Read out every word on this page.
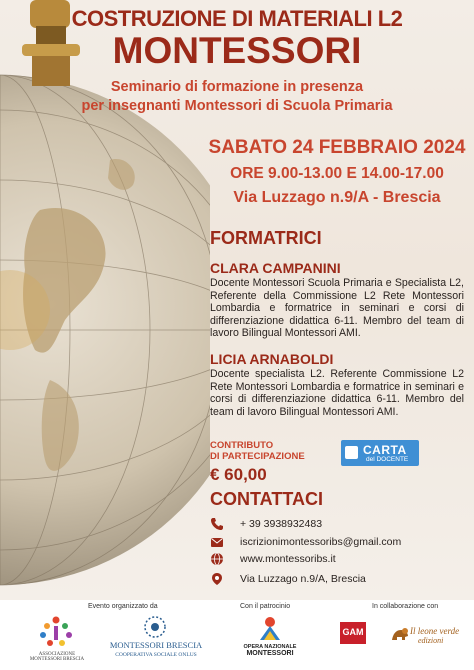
COSTRUZIONE DI MATERIALI L2
MONTESSORI
Seminario di formazione in presenza
per insegnanti Montessori di Scuola Primaria
SABATO 24 FEBBRAIO 2024
ORE 9.00-13.00 E 14.00-17.00
Via Luzzago n.9/A - Brescia
FORMATRICI
CLARA CAMPANINI
Docente Montessori Scuola Primaria e Specialista L2, Referente della Commissione L2 Rete Montessori Lombardia e formatrice in seminari e corsi di differenziazione didattica 6-11. Membro del team di lavoro Bilingual Montessori AMI.
LICIA ARNABOLDI
Docente specialista L2. Referente Commissione L2 Rete Montessori Lombardia e formatrice in seminari e corsi di differenziazione didattica 6-11. Membro del team di lavoro Bilingual Montessori AMI.
CONTRIBUTO
DI PARTECIPAZIONE
€ 60,00
CARTA
del DOCENTE
CONTATTACI
+ 39 3938932483
iscrizionimontessoribs@gmail.com
www.montessoribs.it
Via Luzzago n.9/A, Brescia
Evento organizzato da	Con il patrocinio	In collaborazione con
ASSOCIAZIONE
MONTESSORI BRESCIA
MONTESSORI BRESCIA
COOPERATIVA SOCIALE ONLUS
OPERA NAZIONALE
MONTESSORI
GAM	Il leone verde
edizioni
